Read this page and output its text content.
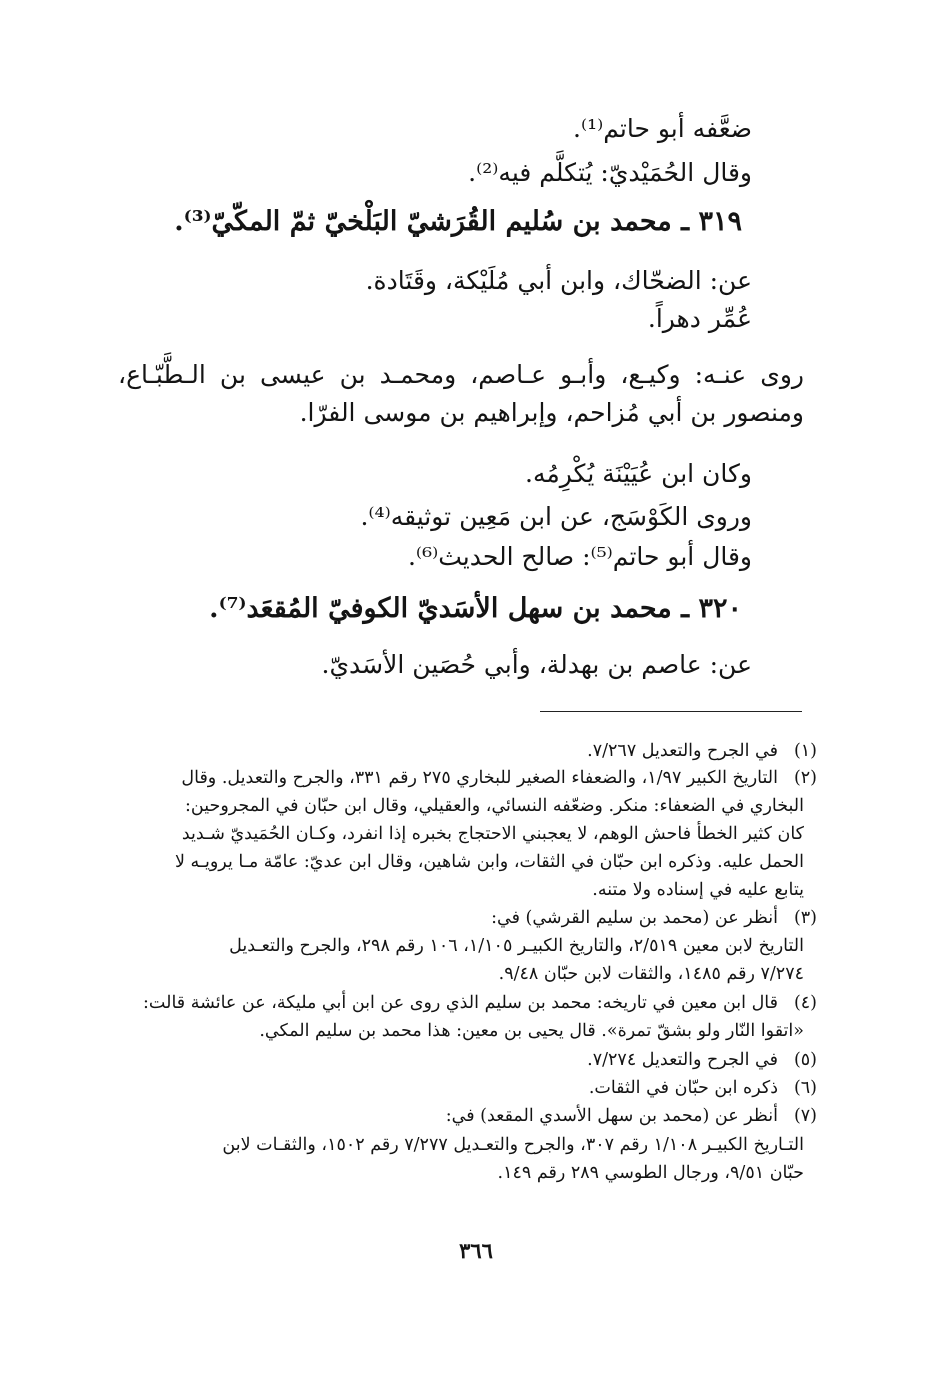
ضعَّفه أبو حاتم⁽¹⁾.
وقال الحُمَيْديّ: يُتكلَّم فيه⁽²⁾.
٣١٩ ـ محمد بن سُليم القُرَشيّ البَلْخيّ ثمّ المكّيّ⁽³⁾.
عن: الضحّاك، وابن أبي مُلَيْكة، وقَتَادة.
عُمِّر دهراً.
روى عنـه: وكيـع، وأبـو عـاصم، ومحمـد بن عيسى بن الـطَّبّـاع،
ومنصور بن أبي مُزاحم، وإبراهيم بن موسى الفرّا.
وكان ابن عُيَيْنَة يُكْرِمُه.
وروى الكَوْسَج، عن ابن مَعِين توثيقه⁽⁴⁾.
وقال أبو حاتم⁽⁵⁾: صالح الحديث⁽⁶⁾.
٣٢٠ ـ محمد بن سهل الأسَديّ الكوفيّ المُقعَد⁽⁷⁾.
عن: عاصم بن بهدلة، وأبي حُصَين الأسَديّ.
(١)
في الجرح والتعديل ٧/٢٦٧.
(٢)
التاريخ الكبير ١/٩٧، والضعفاء الصغير للبخاري ٢٧٥ رقم ٣٣١، والجرح والتعديل. وقال
البخاري في الضعفاء: منكر. وضعّفه النسائي، والعقيلي، وقال ابن حبّان في المجروحين:
كان كثير الخطأ فاحش الوهم، لا يعجبني الاحتجاج بخبره إذا انفرد، وكـان الحُمَيديّ شـديد
الحمل عليه. وذكره ابن حبّان في الثقات، وابن شاهين، وقال ابن عديّ: عامّة مـا يرويـه لا
يتابع عليه في إسناده ولا متنه.
(٣)
أنظر عن (محمد بن سليم القرشي) في:
التاريخ لابن معين ٢/٥١٩، والتاريخ الكبيـر ١/١٠٥، ١٠٦ رقم ٢٩٨، والجرح والتعـديل
٧/٢٧٤ رقم ١٤٨٥، والثقات لابن حبّان ٩/٤٨.
(٤)
قال ابن معين في تاريخه: محمد بن سليم الذي روى عن ابن أبي مليكة، عن عائشة قالت:
«اتقوا النّار ولو بشقّ تمرة». قال يحيى بن معين: هذا محمد بن سليم المكي.
(٥)
في الجرح والتعديل ٧/٢٧٤.
(٦)
ذكره ابن حبّان في الثقات.
(٧)
أنظر عن (محمد بن سهل الأسدي المقعد) في:
التـاريخ الكبيـر ١/١٠٨ رقم ٣٠٧، والجرح والتعـديل ٧/٢٧٧ رقم ١٥٠٢، والثقـات لابن
حبّان ٩/٥١، ورجال الطوسي ٢٨٩ رقم ١٤٩.
٣٦٦
